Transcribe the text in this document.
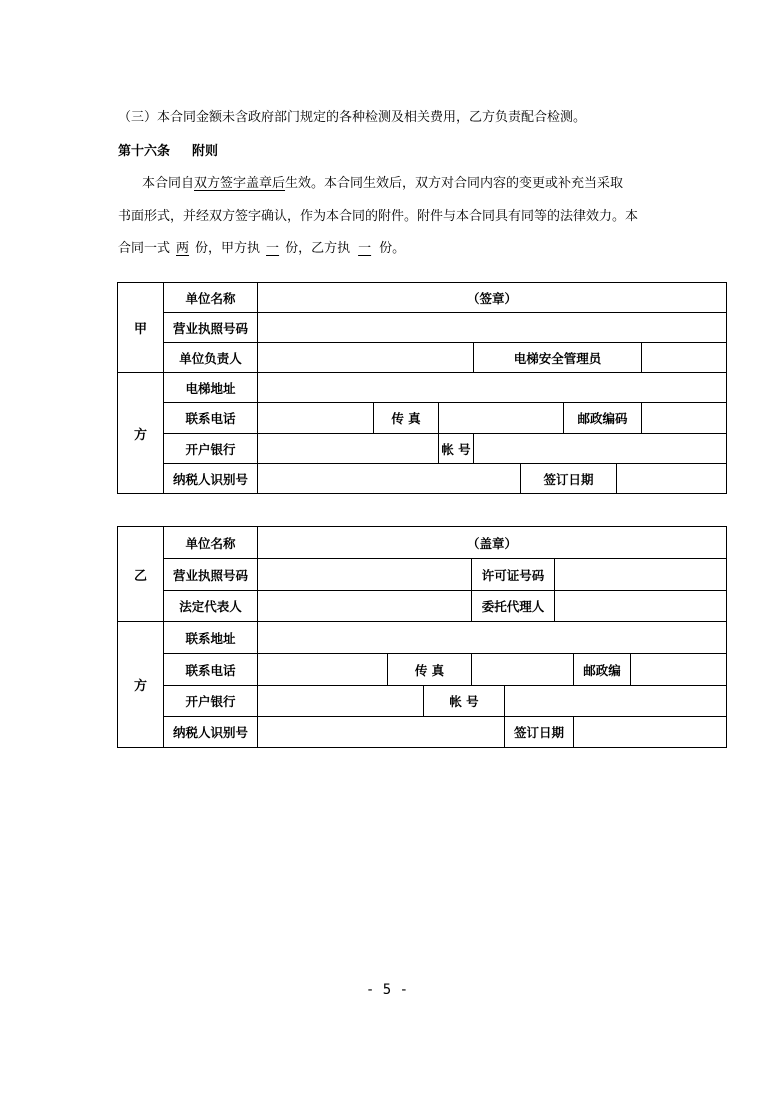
（三）本合同金额未含政府部门规定的各种检测及相关费用，乙方负责配合检测。
第十六条 附则
本合同自双方签字盖章后生效。本合同生效后，双方对合同内容的变更或补充当采取
书面形式，并经双方签字确认，作为本合同的附件。附件与本合同具有同等的法律效力。本
合同一式 两 份，甲方执 一 份，乙方执 一 份。
甲	单位名称	（签章）							
	营业执照号码								
	单位负责人				电梯安全管理员				
方	电梯地址								
	联系电话		传 真				邮政编码		
	开户银行			帐 号					
	纳税人识别号					签订日期			
乙	单位名称	（盖章）							
	营业执照号码				许可证号码				
	法定代表人				委托代理人				
方	联系地址								
	联系电话		传 真					邮政编	
	开户银行			帐 号					
	纳税人识别号					签订日期			
- 5 -
